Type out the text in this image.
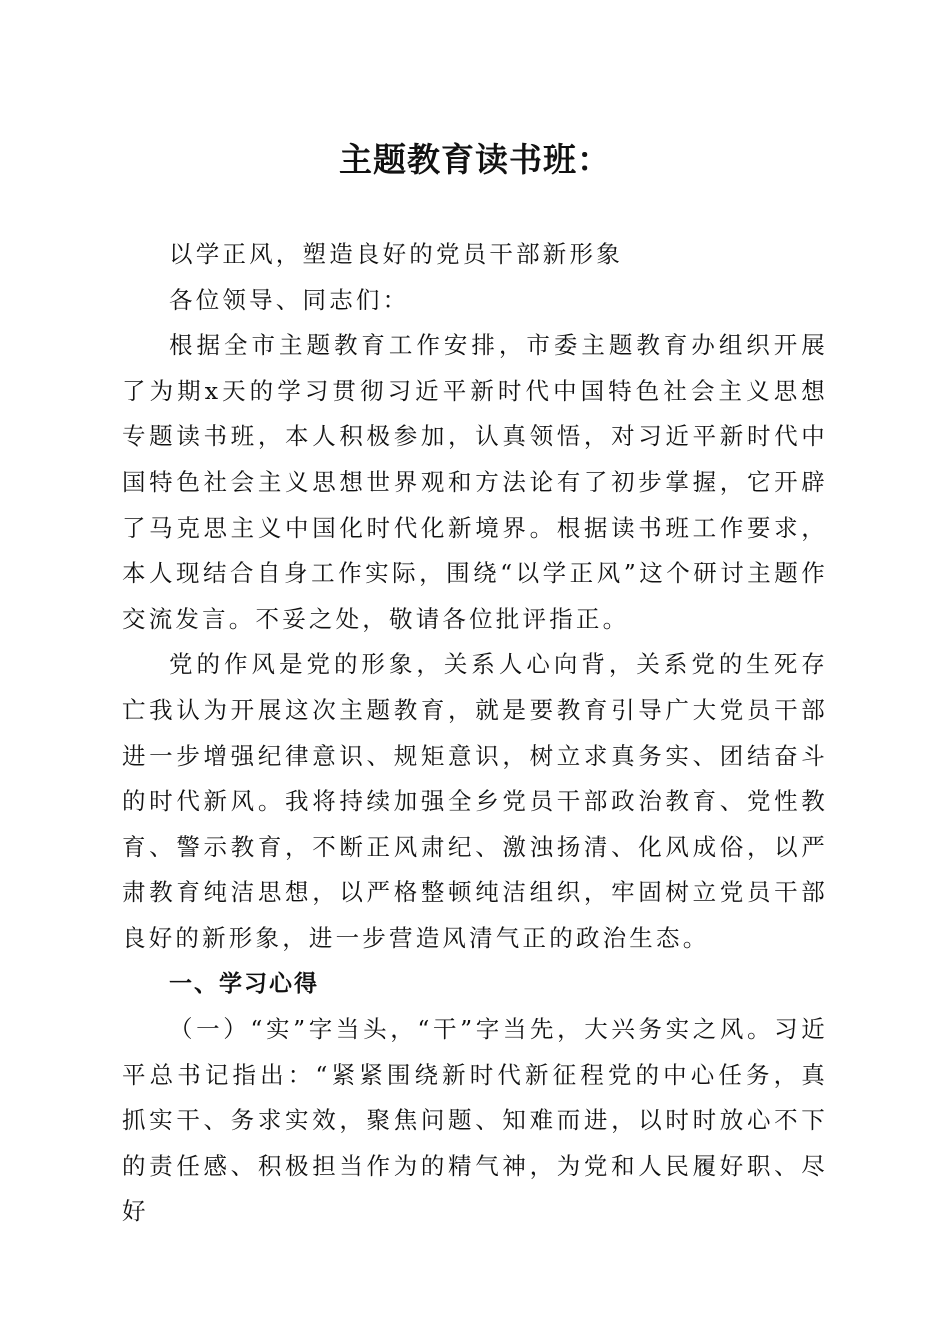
主题教育读书班：

以学正风，塑造良好的党员干部新形象

各位领导、同志们：

根据全市主题教育工作安排，市委主题教育办组织开展了为期x天的学习贯彻习近平新时代中国特色社会主义思想专题读书班，本人积极参加，认真领悟，对习近平新时代中国特色社会主义思想世界观和方法论有了初步掌握，它开辟了马克思主义中国化时代化新境界。根据读书班工作要求，本人现结合自身工作实际，围绕“以学正风”这个研讨主题作交流发言。不妥之处，敬请各位批评指正。

党的作风是党的形象，关系人心向背，关系党的生死存亡我认为开展这次主题教育，就是要教育引导广大党员干部进一步增强纪律意识、规矩意识，树立求真务实、团结奋斗的时代新风。我将持续加强全乡党员干部政治教育、党性教育、警示教育，不断正风肃纪、激浊扬清、化风成俗，以严肃教育纯洁思想，以严格整顿纯洁组织，牢固树立党员干部良好的新形象，进一步营造风清气正的政治生态。

一、学习心得

（一）“实”字当头，“干”字当先，大兴务实之风。习近平总书记指出：“紧紧围绕新时代新征程党的中心任务，真抓实干、务求实效，聚焦问题、知难而进，以时时放心不下的责任感、积极担当作为的精气神，为党和人民履好职、尽好
